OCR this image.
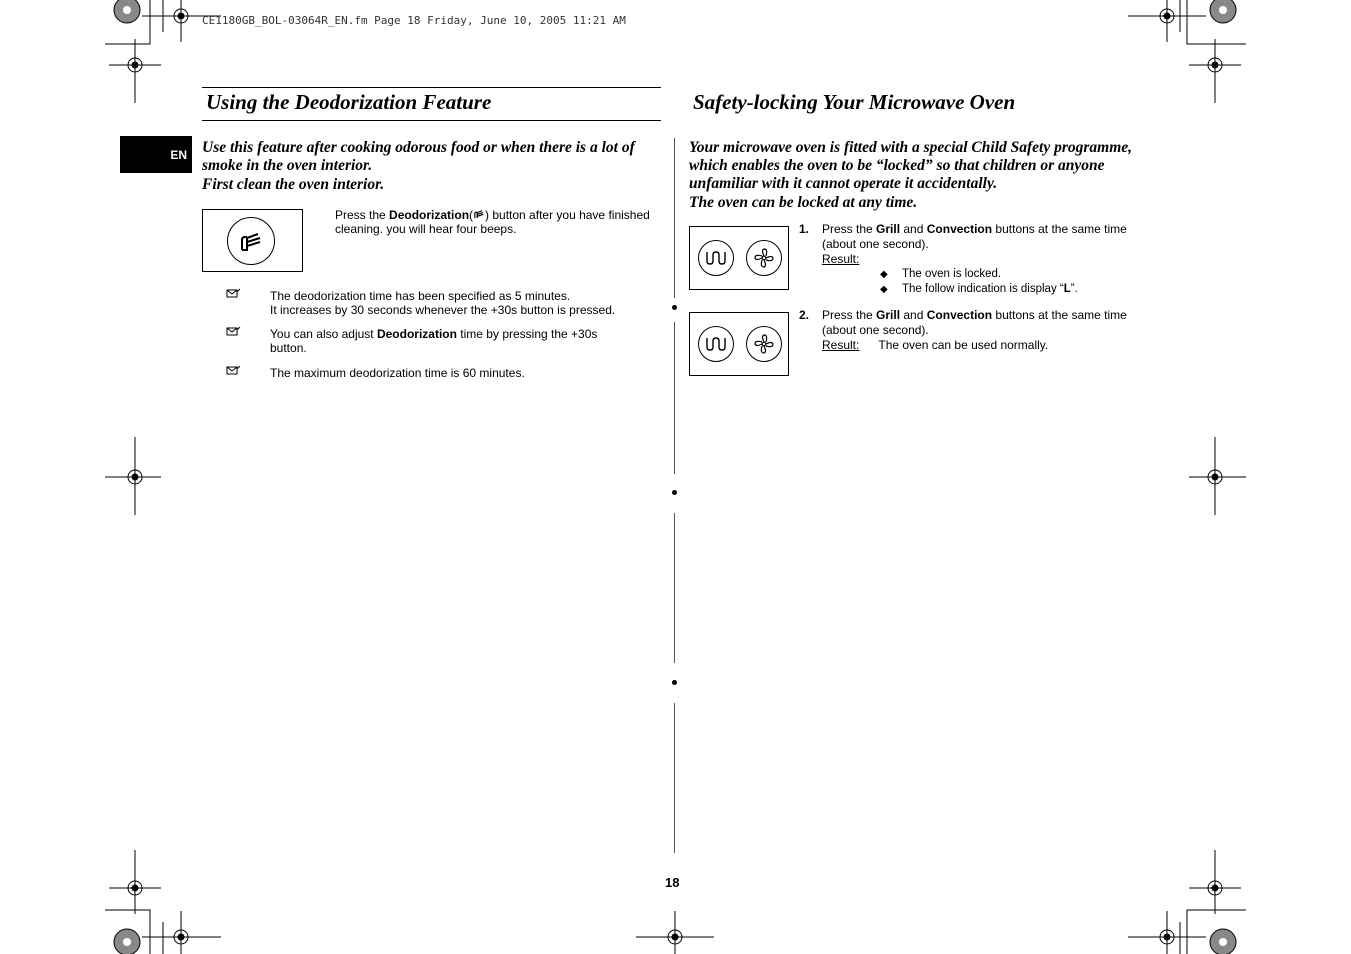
CE1180GB_BOL-03064R_EN.fm Page 18 Friday, June 10, 2005 11:21 AM
EN
Using the Deodorization Feature
Use this feature after cooking odorous food or when there is a lot of
smoke in the oven interior.
First clean the oven interior.
Press the Deodorization( ) button after you have finished
cleaning. you will hear four beeps.
The deodorization time has been specified as 5 minutes.
It increases by 30 seconds whenever the +30s button is pressed.
You can also adjust Deodorization time by pressing the +30s
button.
The maximum deodorization time is 60 minutes.
Safety-locking Your Microwave Oven
Your microwave oven is fitted with a special Child Safety programme,
which enables the oven to be “locked” so that children or anyone
unfamiliar with it cannot operate it accidentally.
The oven can be locked at any time.
1. Press the Grill and Convection buttons at the same time
(about one second).
Result:
◆ The oven is locked.
◆ The follow indication is display “L”.
2. Press the Grill and Convection buttons at the same time
(about one second).
Result: The oven can be used normally.
18
